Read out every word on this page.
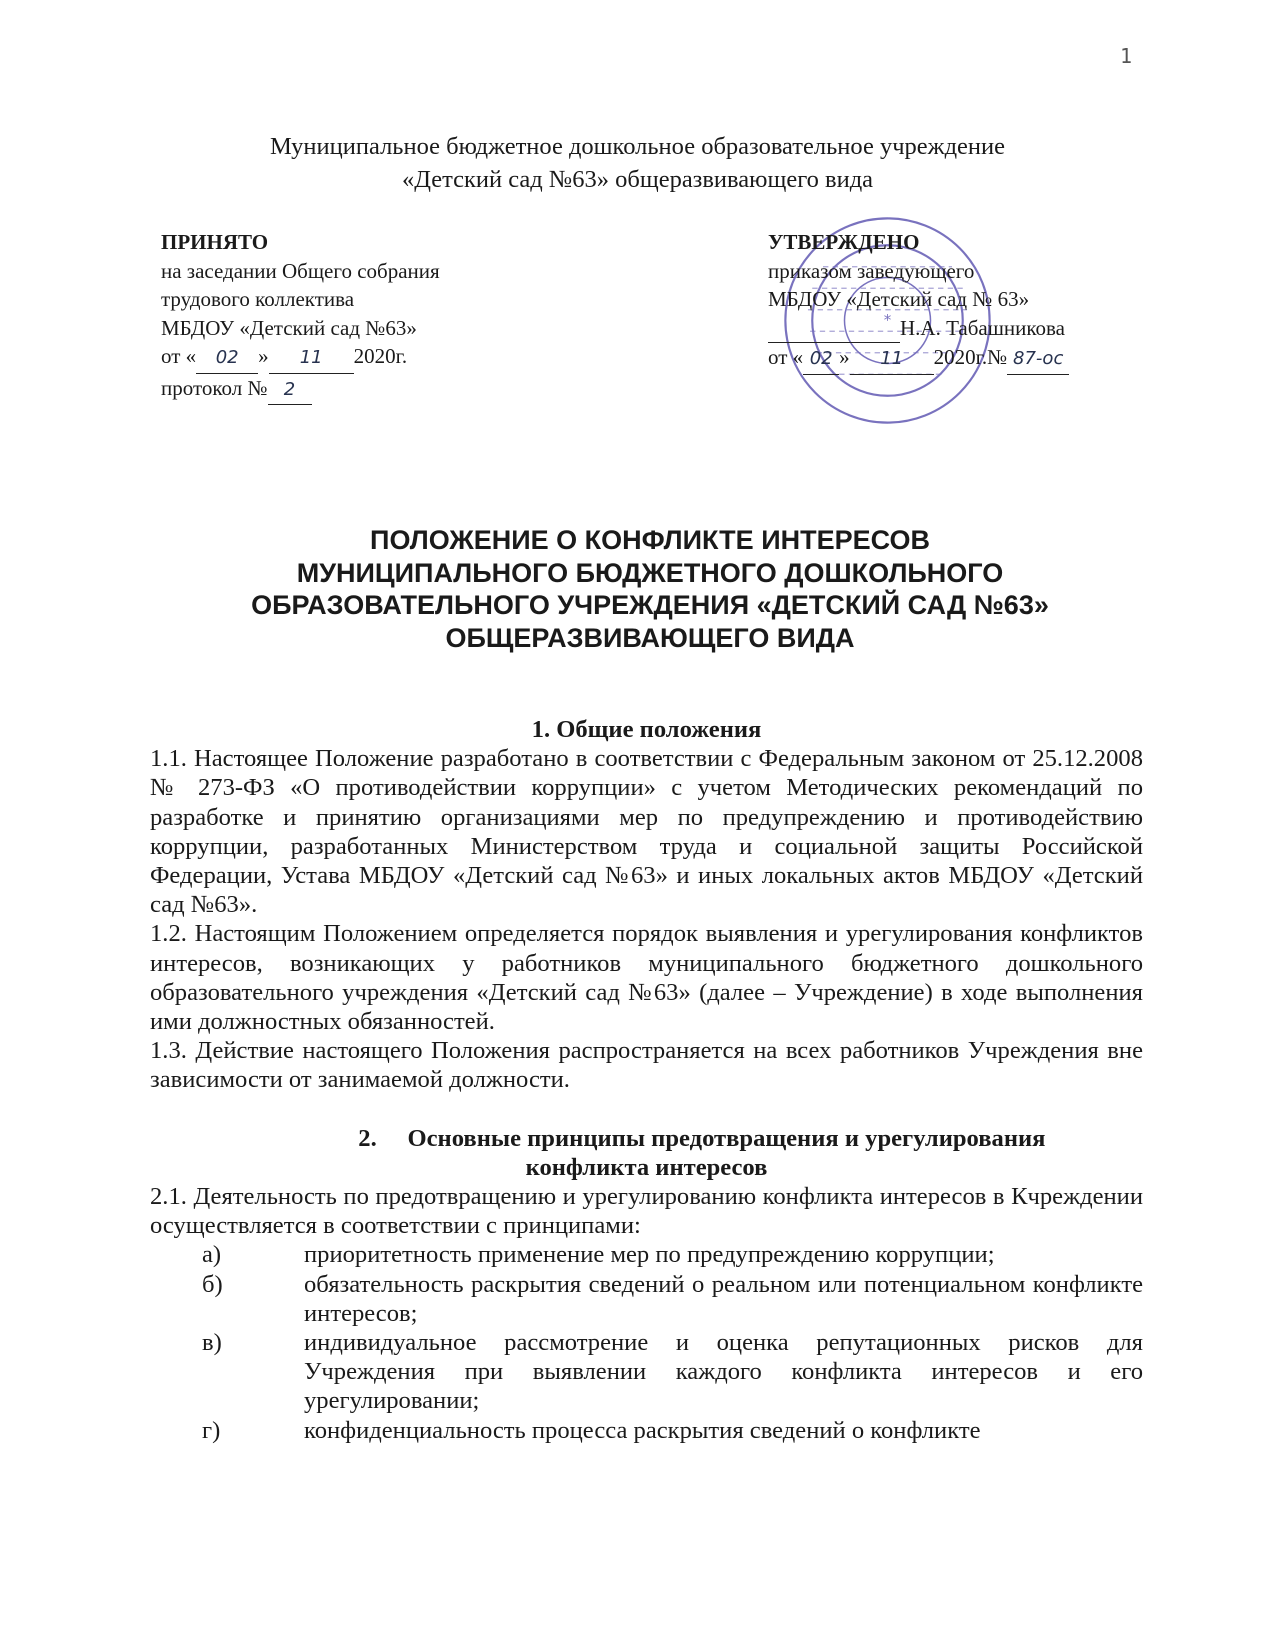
1
Муниципальное бюджетное дошкольное образовательное учреждение
«Детский сад №63» общеразвивающего вида
ПРИНЯТО
на заседании Общего собрания
трудового коллектива
МБДОУ «Детский сад №63»
от « 02 » 11 2020г.
протокол № 2
*
УТВЕРЖДЕНО
приказом заведующего
МБДОУ «Детский сад № 63»
Н.А. Табашникова
от « 02 » 11 2020г.№ 87-ос
ПОЛОЖЕНИЕ О КОНФЛИКТЕ ИНТЕРЕСОВ
МУНИЦИПАЛЬНОГО БЮДЖЕТНОГО ДОШКОЛЬНОГО
ОБРАЗОВАТЕЛЬНОГО УЧРЕЖДЕНИЯ «ДЕТСКИЙ САД №63»
ОБЩЕРАЗВИВАЮЩЕГО ВИДА
1. Общие положения
1.1. Настоящее Положение разработано в соответствии с Федеральным законом от 25.12.2008 № 273-ФЗ «О противодействии коррупции» с учетом Методических рекомендаций по разработке и принятию организациями мер по предупреждению и противодействию коррупции, разработанных Министерством труда и социальной защиты Российской Федерации, Устава МБДОУ «Детский сад №63» и иных локальных актов МБДОУ «Детский сад №63».
1.2. Настоящим Положением определяется порядок выявления и урегулирования конфликтов интересов, возникающих у работников муниципального бюджетного дошкольного образовательного учреждения «Детский сад №63» (далее – Учреждение) в ходе выполнения ими должностных обязанностей.
1.3. Действие настоящего Положения распространяется на всех работников Учреждения вне зависимости от занимаемой должности.
2.	Основные принципы предотвращения и урегулирования
конфликта интересов
2.1. Деятельность по предотвращению и урегулированию конфликта интересов в Кчреждении осуществляется в соответствии с принципами:
а)	приоритетность применение мер по предупреждению коррупции;
б)	обязательность раскрытия сведений о реальном или потенциальном конфликте интересов;
в)	индивидуальное рассмотрение и оценка репутационных рисков для Учреждения при выявлении каждого конфликта интересов и его урегулировании;
г)	конфиденциальность процесса раскрытия сведений о конфликте
